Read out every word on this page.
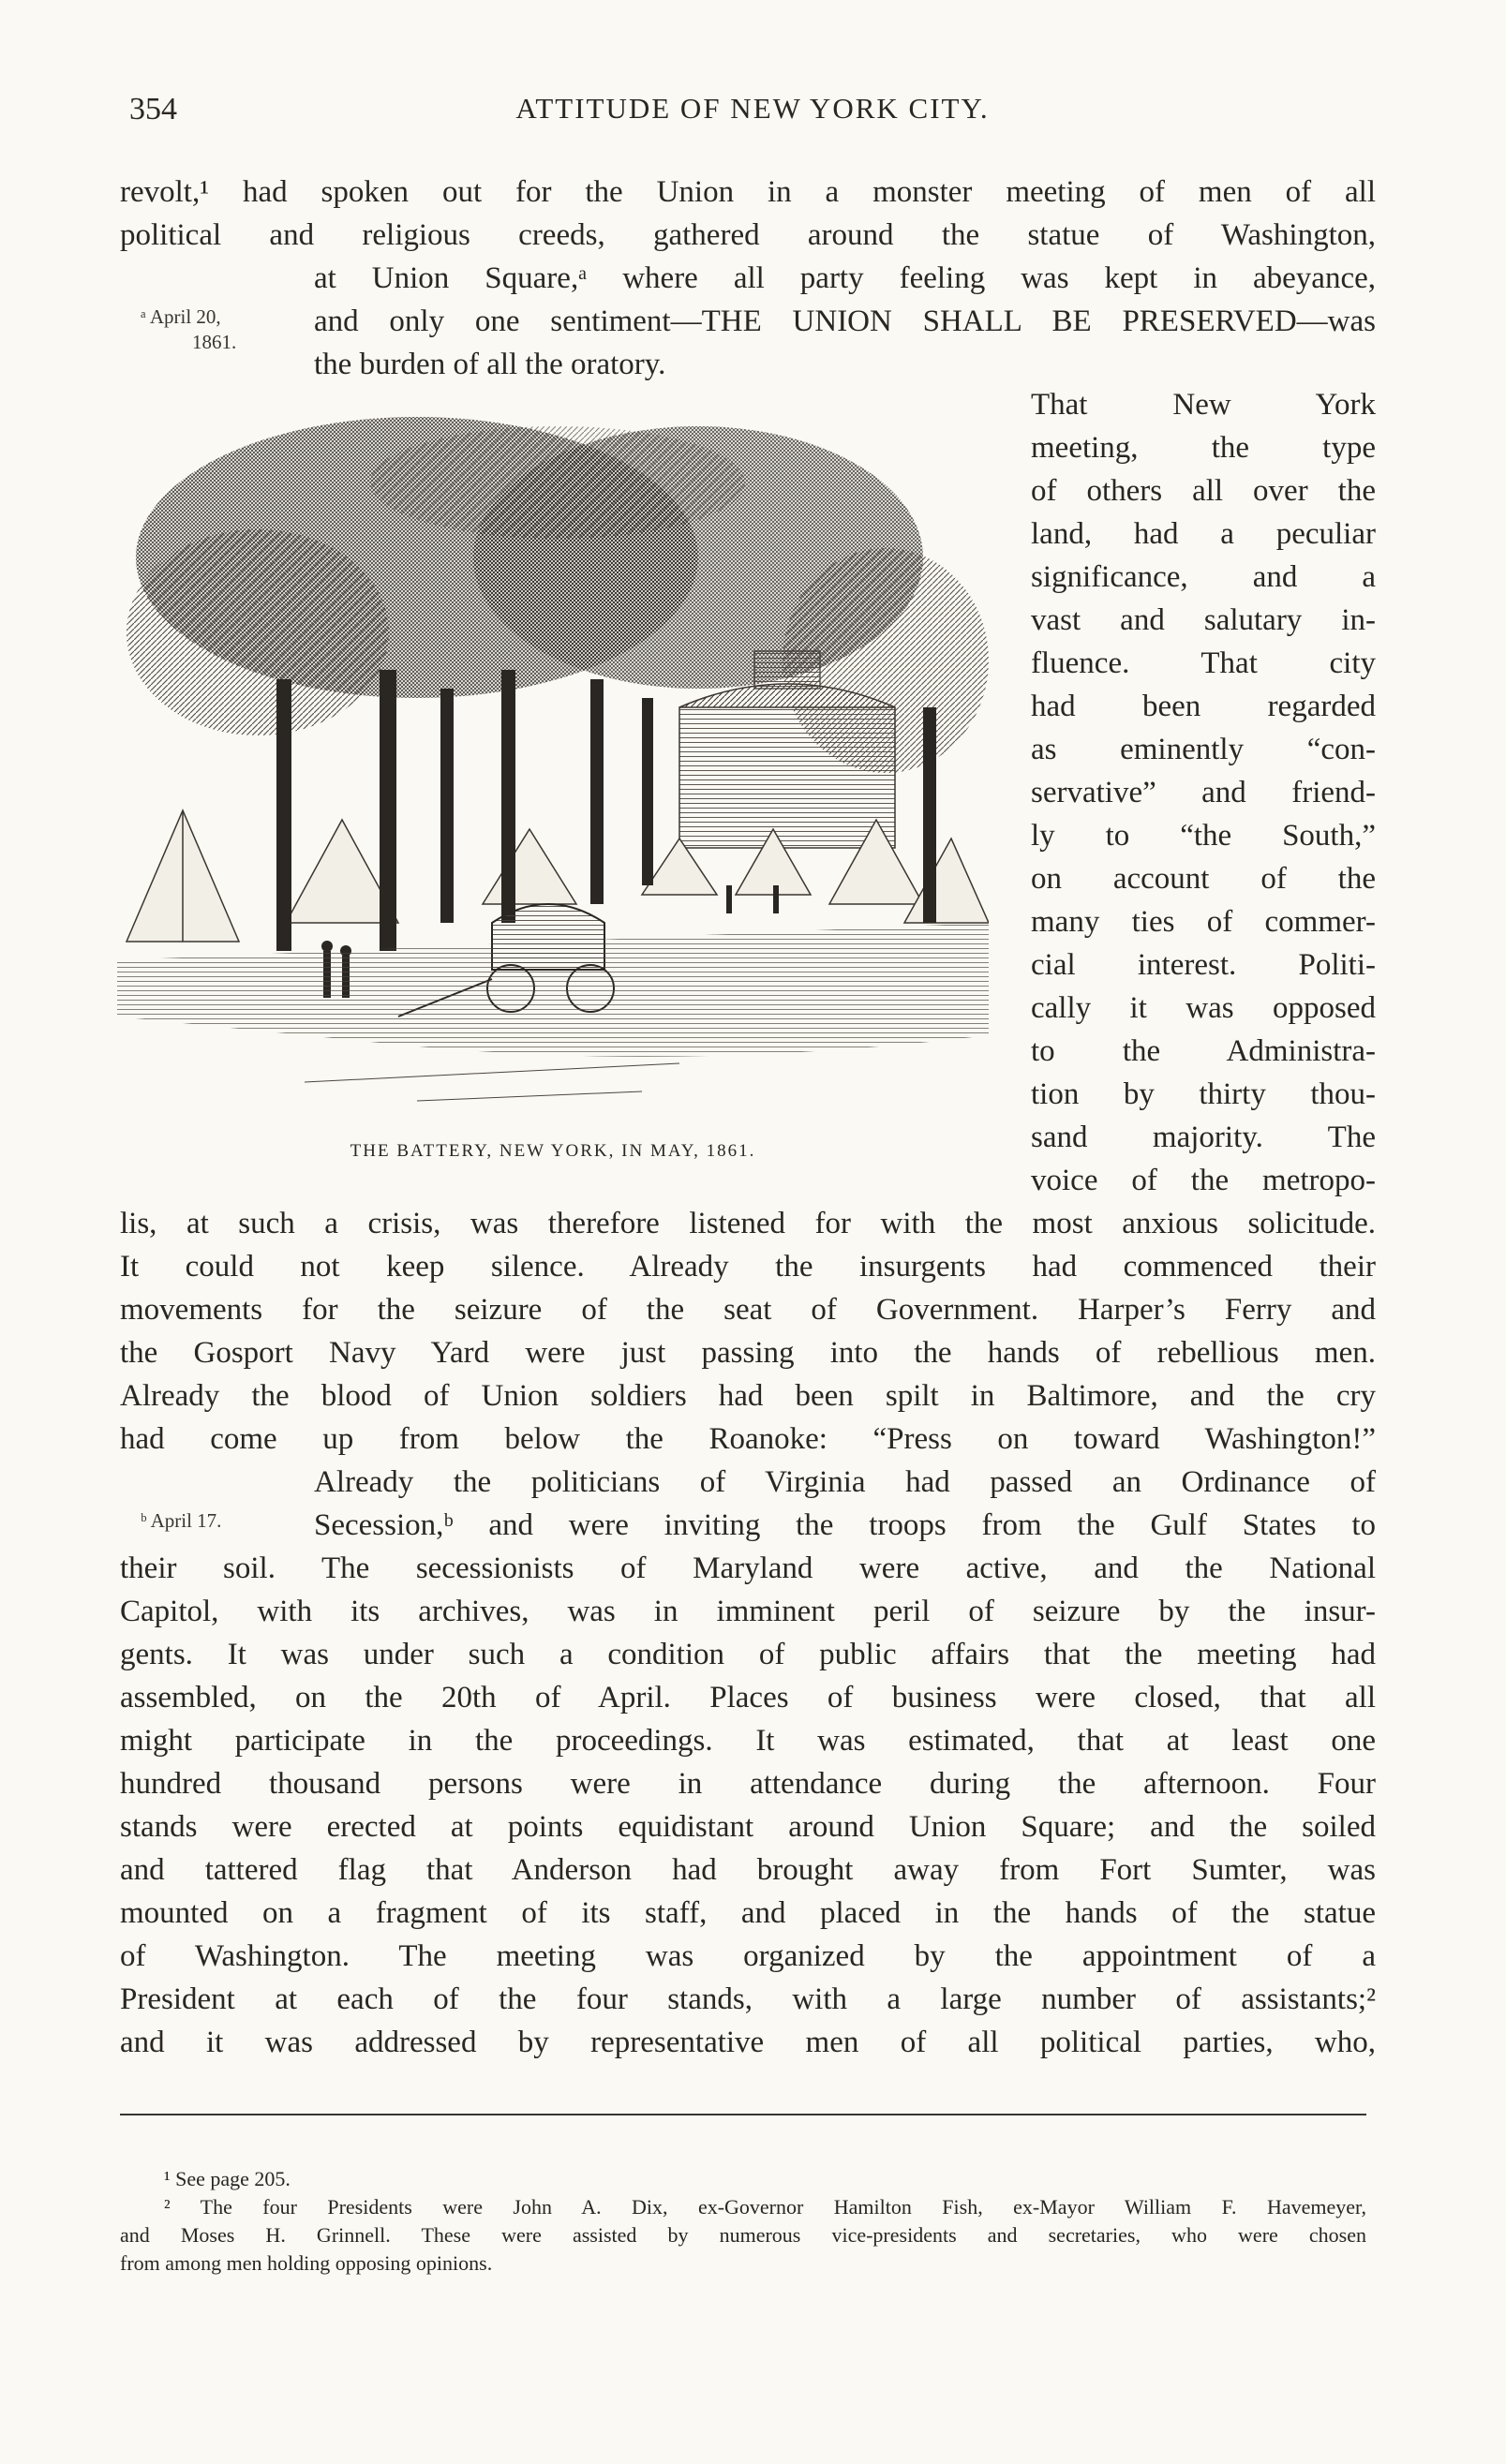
354	ATTITUDE OF NEW YORK CITY.

revolt,¹ had spoken out for the Union in a monster meeting of men of all

political and religious creeds, gathered around the statue of Washington,

at Union Square,ᵃ where all party feeling was kept in abeyance,

and only one sentiment—THE UNION SHALL BE PRESERVED—was

the burden of all the oratory.

ᵃ April 20,
1861.
ᵇ April 17.
THE BATTERY, NEW YORK, IN MAY, 1861.

That New York

meeting, the type

of others all over the

land, had a peculiar

significance, and a

vast and salutary in-

fluence. That city

had been regarded

as eminently “con-

servative” and friend-

ly to “the South,”

on account of the

many ties of commer-

cial interest. Politi-

cally it was opposed

to the Administra-

tion by thirty thou-

sand majority. The

voice of the metropo-

lis, at such a crisis, was therefore listened for with the most anxious solicitude.

It could not keep silence. Already the insurgents had commenced their

movements for the seizure of the seat of Government. Harper’s Ferry and

the Gosport Navy Yard were just passing into the hands of rebellious men.

Already the blood of Union soldiers had been spilt in Baltimore, and the cry

had come up from below the Roanoke: “Press on toward Washington!”

Already the politicians of Virginia had passed an Ordinance of

Secession,ᵇ and were inviting the troops from the Gulf States to

their soil. The secessionists of Maryland were active, and the National

Capitol, with its archives, was in imminent peril of seizure by the insur-

gents. It was under such a condition of public affairs that the meeting had

assembled, on the 20th of April. Places of business were closed, that all

might participate in the proceedings. It was estimated, that at least one

hundred thousand persons were in attendance during the afternoon. Four

stands were erected at points equidistant around Union Square; and the soiled

and tattered flag that Anderson had brought away from Fort Sumter, was

mounted on a fragment of its staff, and placed in the hands of the statue

of Washington. The meeting was organized by the appointment of a

President at each of the four stands, with a large number of assistants;²

and it was addressed by representative men of all political parties, who,

¹ See page 205.

² The four Presidents were John A. Dix, ex-Governor Hamilton Fish, ex-Mayor William F. Havemeyer,

and Moses H. Grinnell. These were assisted by numerous vice-presidents and secretaries, who were chosen

from among men holding opposing opinions.
